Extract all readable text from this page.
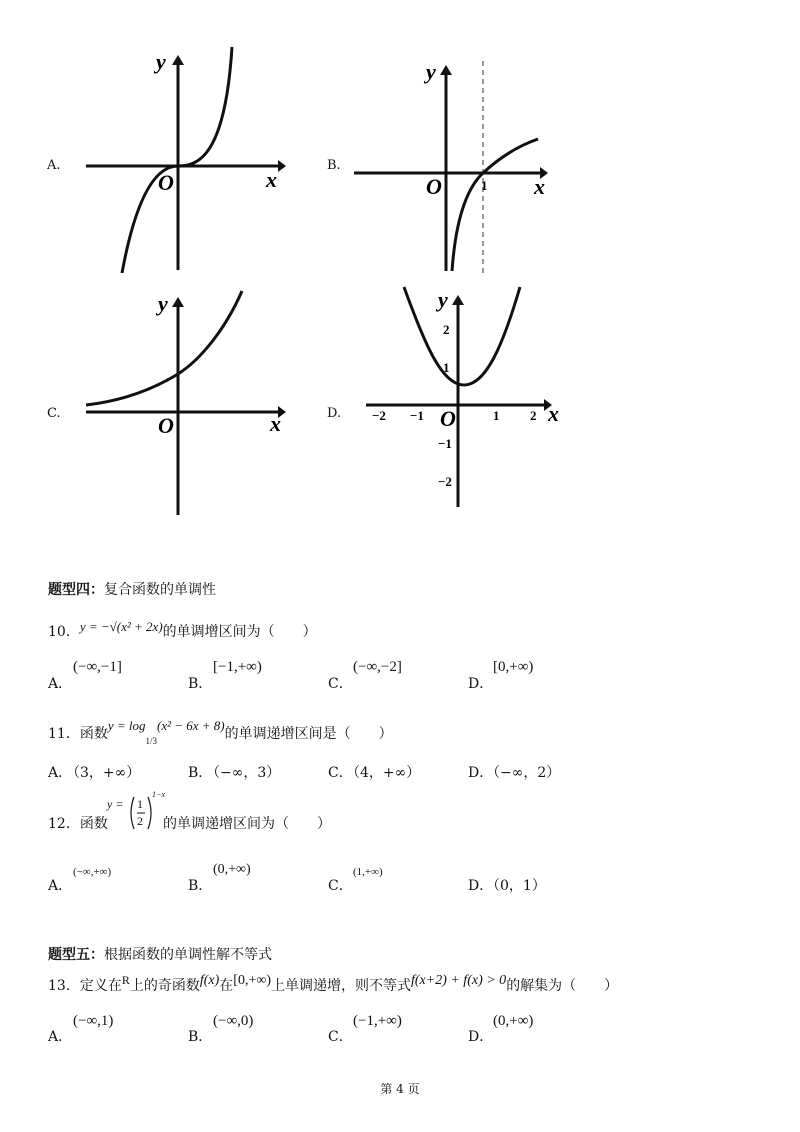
A.
x
y
O
B.
x
y
O	1
C.	x
y
O	D. −2 −1	1 2
2
1
−1
−2
x
y
O
题型四：复合函数的单调性
10．y = −√(x² + 2x)的单调增区间为（　　）
A．
(−∞,−1]
B．
[−1,+∞)
C．
(−∞,−2]
D．
[0,+∞)
11．函数$y = \log_{1/3}(x^2 - 6x + 8)$的单调递增区间是（　　）
A．
（3，+∞）	B．
（−∞，3）	C．
（4，+∞）	D．
（−∞，2）
12．函数
y = 1
2
1−x
的单调递增区间为（　　）
A．
(−∞,+∞)
B．
(0,+∞)
C．
(1,+∞)
D．
（0，1）
题型五：根据函数的单调性解不等式
13．定义在R上的奇函数f(x)在[0,+∞)上单调递增，则不等式f(x+2) + f(x) > 0的解集为（　　）
A．
(−∞,1)
B．
(−∞,0)
C．
(−1,+∞)
D．
(0,+∞)
第 4 页
